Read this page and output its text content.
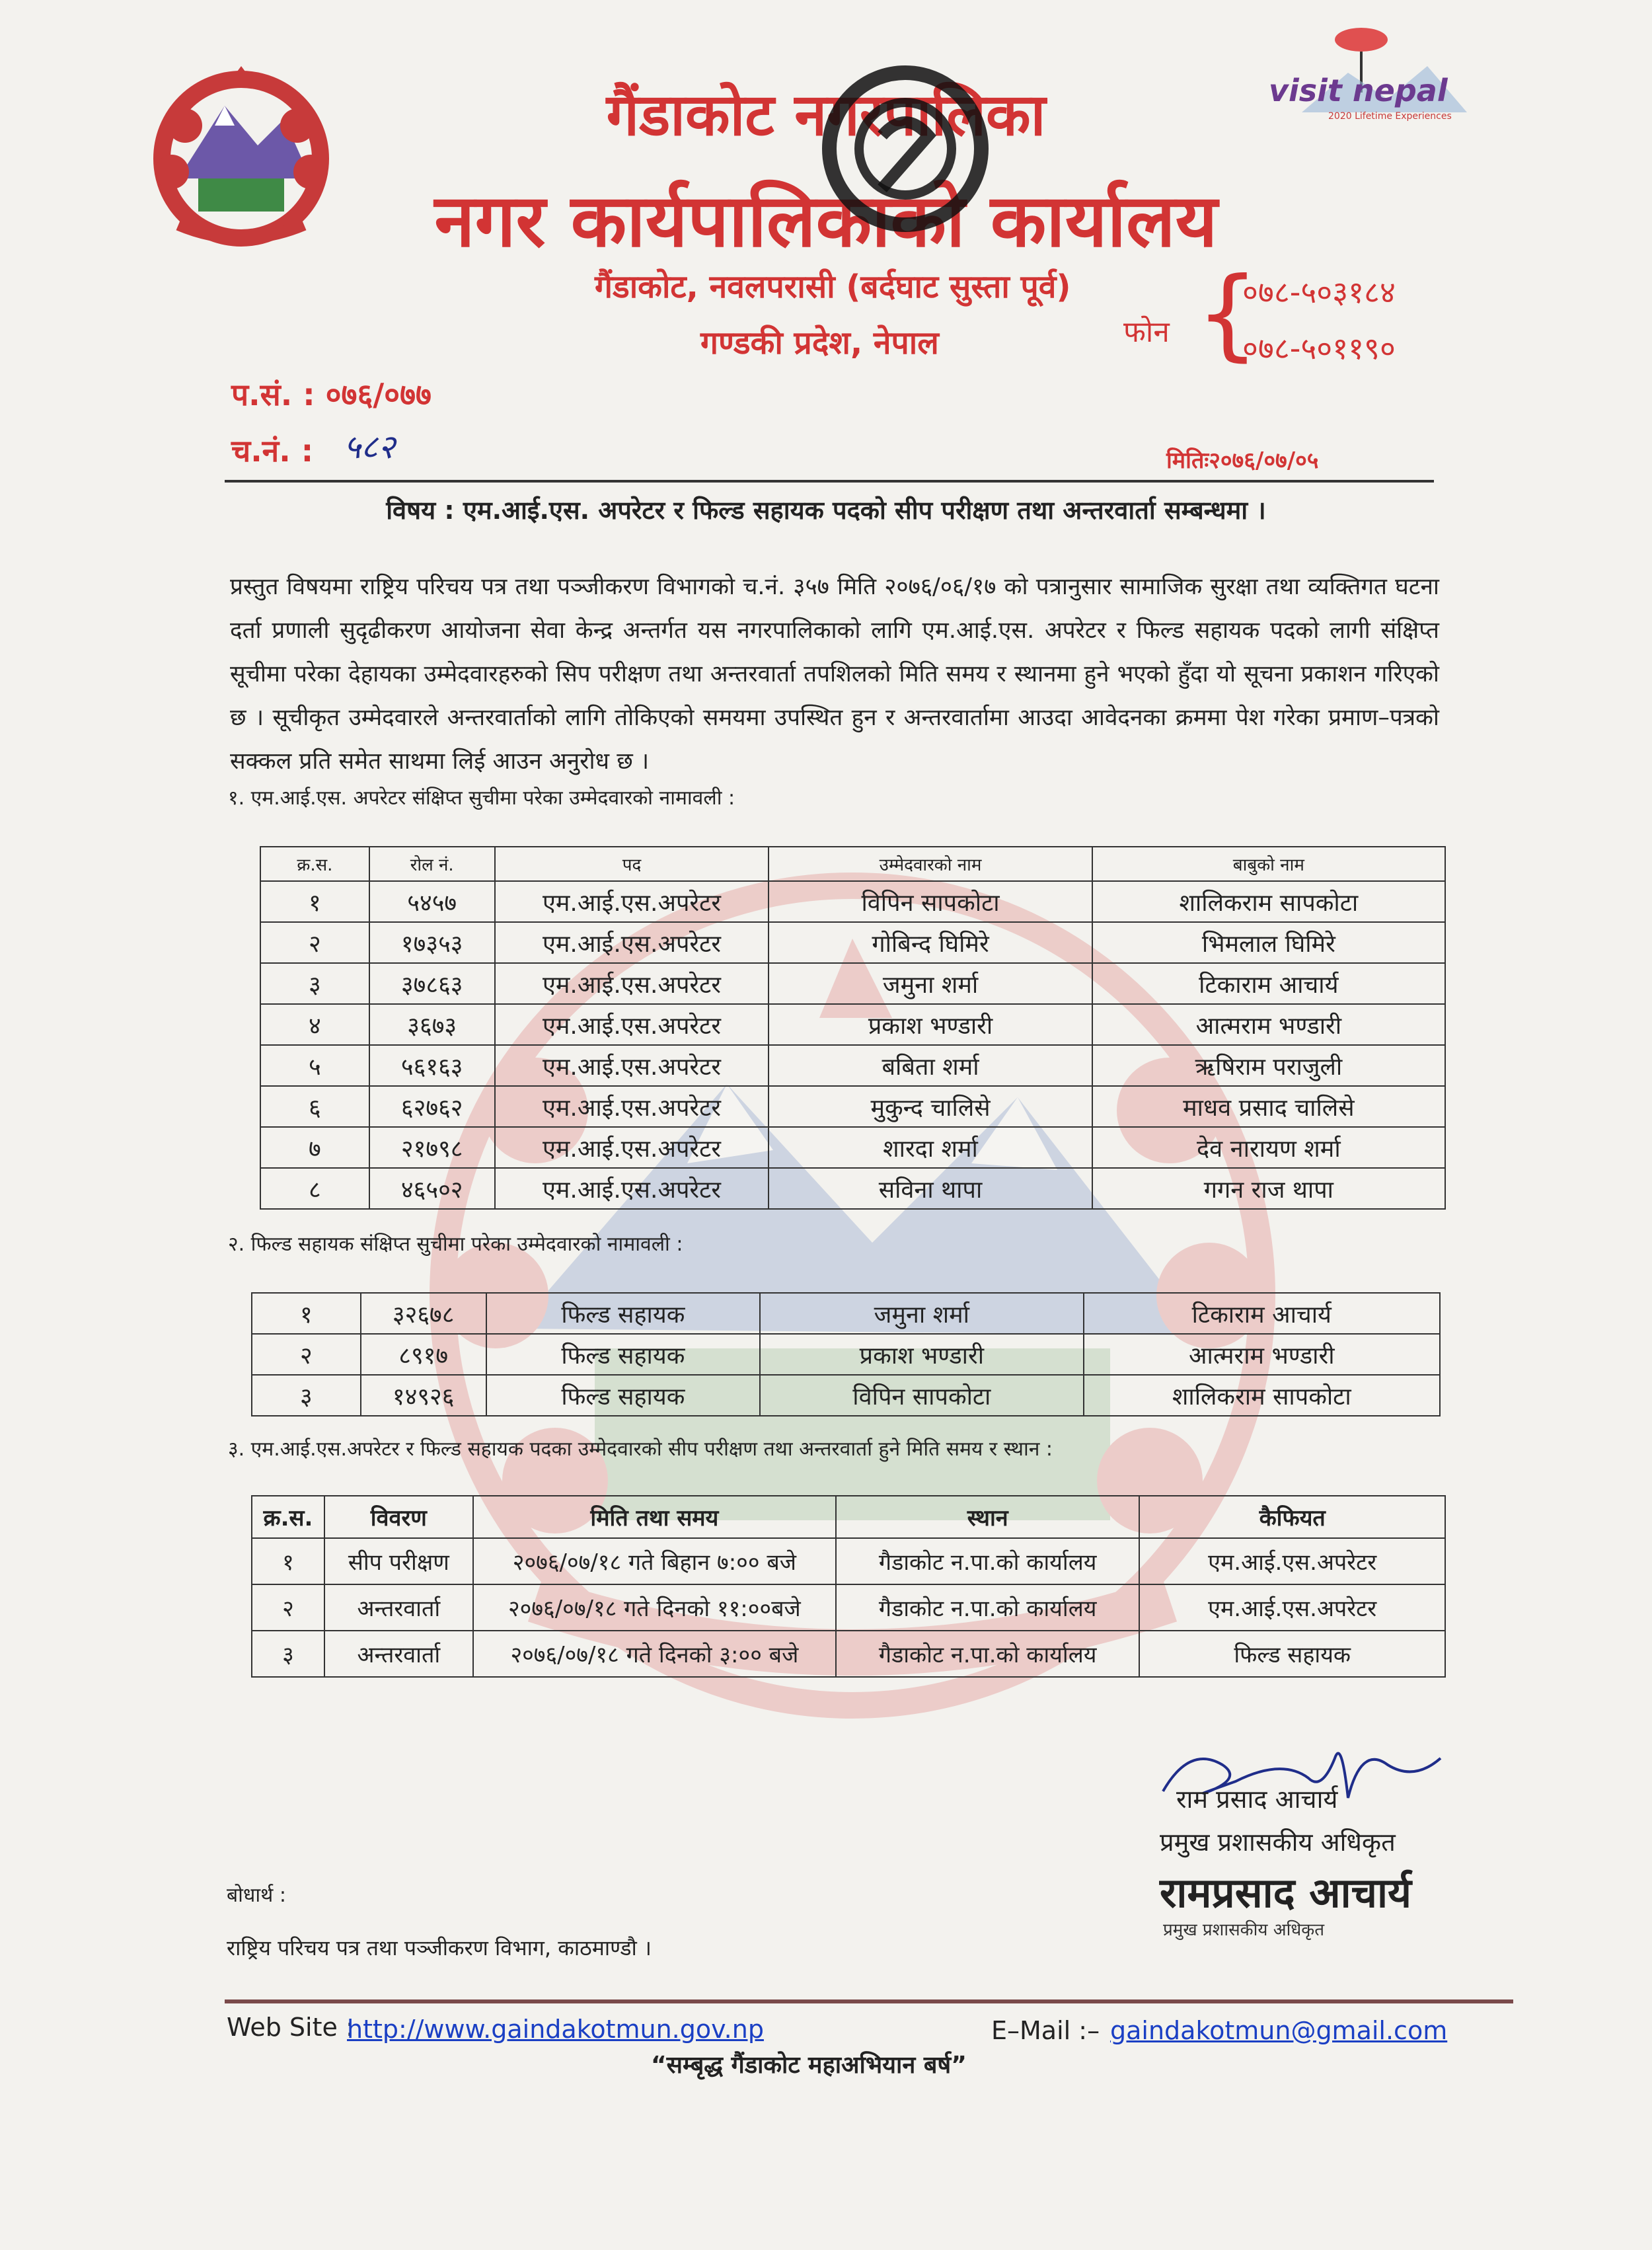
visit nepal
2020 Lifetime Experiences
गैंडाकोट नगरपालिका
नगर कार्यपालिकाको कार्यालय
गैंडाकोट, नवलपरासी (बर्दघाट सुस्ता पूर्व)
गण्डकी प्रदेश, नेपाल	फोन {
०७८-५०३१८४
०७८-५०११९०
प.सं. : ०७६/०७७
च.नं. : ५८२	मितिः२०७६/०७/०५
विषय : एम.आई.एस. अपरेटर र फिल्ड सहायक पदको सीप परीक्षण तथा अन्तरवार्ता सम्बन्धमा ।
प्रस्तुत विषयमा राष्ट्रिय परिचय पत्र तथा पञ्जीकरण विभागको च.नं. ३५७ मिति २०७६/०६/१७ को पत्रानुसार सामाजिक सुरक्षा तथा व्यक्तिगत घटना दर्ता प्रणाली सुदृढीकरण आयोजना सेवा केन्द्र अन्तर्गत यस नगरपालिकाको लागि एम.आई.एस. अपरेटर र फिल्ड सहायक पदको लागी संक्षिप्त सूचीमा परेका देहायका उम्मेदवारहरुको सिप परीक्षण तथा अन्तरवार्ता तपशिलको मिति समय र स्थानमा हुने भएको हुँदा यो सूचना प्रकाशन गरिएको छ । सूचीकृत उम्मेदवारले अन्तरवार्ताको लागि तोकिएको समयमा उपस्थित हुन र अन्तरवार्तामा आउदा आवेदनका क्रममा पेश गरेका प्रमाण–पत्रको सक्कल प्रति समेत साथमा लिई आउन अनुरोध छ ।
१. एम.आई.एस. अपरेटर संक्षिप्त सुचीमा परेका उम्मेदवारको नामावली :
क्र.स.	रोल नं.	पद	उम्मेदवारको नाम	बाबुको नाम
१	५४५७	एम.आई.एस.अपरेटर	विपिन सापकोटा	शालिकराम सापकोटा
२	१७३५३	एम.आई.एस.अपरेटर	गोबिन्द घिमिरे	भिमलाल घिमिरे
३	३७८६३	एम.आई.एस.अपरेटर	जमुना शर्मा	टिकाराम आचार्य
४	३६७३	एम.आई.एस.अपरेटर	प्रकाश भण्डारी	आत्मराम भण्डारी
५	५६१६३	एम.आई.एस.अपरेटर	बबिता शर्मा	ऋषिराम पराजुली
६	६२७६२	एम.आई.एस.अपरेटर	मुकुन्द चालिसे	माधव प्रसाद चालिसे
७	२१७९८	एम.आई.एस.अपरेटर	शारदा शर्मा	देव नारायण शर्मा
८	४६५०२	एम.आई.एस.अपरेटर	सविना थापा	गगन राज थापा
२. फिल्ड सहायक संक्षिप्त सुचीमा परेका उम्मेदवारको नामावली :
१	३२६७८	फिल्ड सहायक	जमुना शर्मा	टिकाराम आचार्य
२	८९१७	फिल्ड सहायक	प्रकाश भण्डारी	आत्मराम भण्डारी
३	१४९२६	फिल्ड सहायक	विपिन सापकोटा	शालिकराम सापकोटा
३. एम.आई.एस.अपरेटर र फिल्ड सहायक पदका उम्मेदवारको सीप परीक्षण तथा अन्तरवार्ता हुने मिति समय र स्थान :
क्र.स.	विवरण	मिति तथा समय	स्थान	कैफियत
१	सीप परीक्षण	२०७६/०७/१८ गते बिहान ७:०० बजे	गैडाकोट न.पा.को कार्यालय	एम.आई.एस.अपरेटर
२	अन्तरवार्ता	२०७६/०७/१८ गते दिनको ११:००बजे	गैडाकोट न.पा.को कार्यालय	एम.आई.एस.अपरेटर
३	अन्तरवार्ता	२०७६/०७/१८ गते दिनको ३:०० बजे	गैडाकोट न.पा.को कार्यालय	फिल्ड सहायक
राम प्रसाद आचार्य
प्रमुख प्रशासकीय अधिकृत
रामप्रसाद आचार्य
प्रमुख प्रशासकीय अधिकृत
बोधार्थ :
राष्ट्रिय परिचय पत्र तथा पञ्जीकरण विभाग, काठमाण्डौ ।
Web Site :
http://www.gaindakotmun.gov.np	E–Mail :– gaindakotmun@gmail.com
“सम्बृद्ध गैंडाकोट महाअभियान बर्ष”
